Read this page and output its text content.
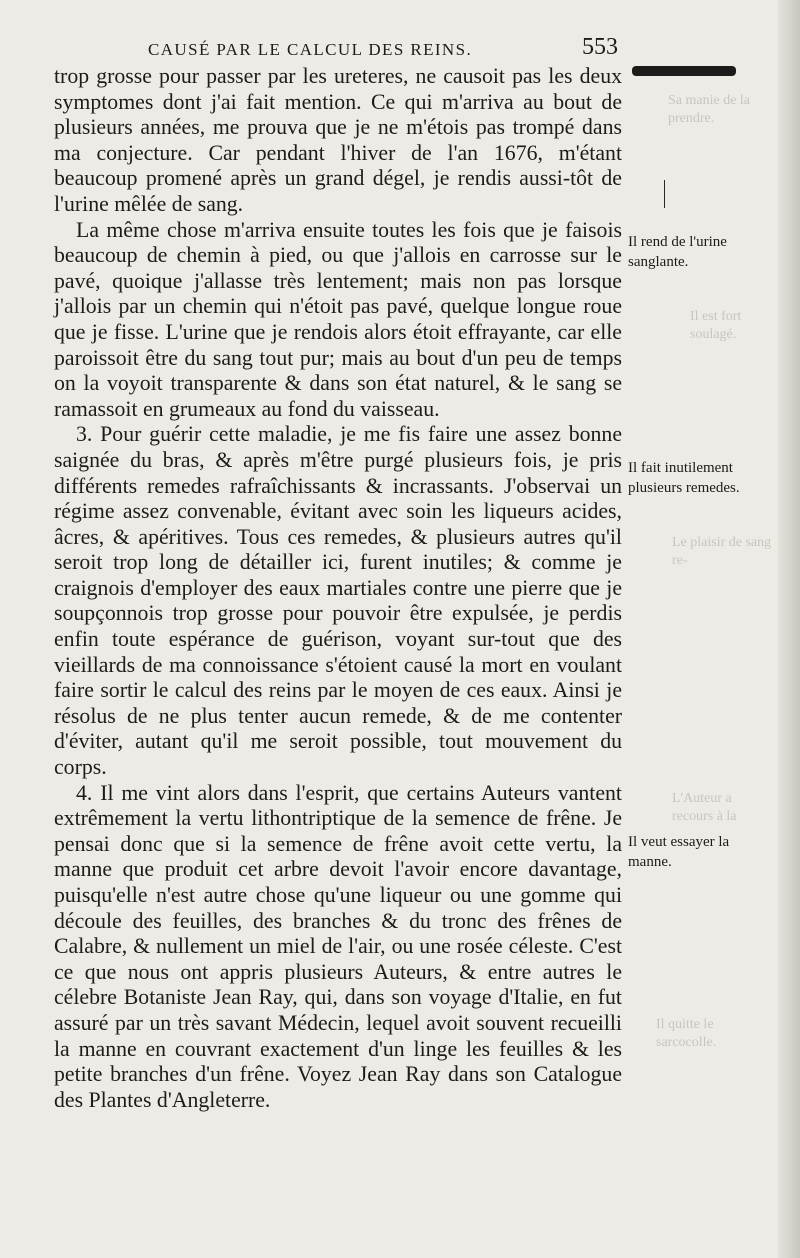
Sa manie de la prendre.
Il est fort soulagé.
Le plaisir de sang re-
L'Auteur a recours à la
Il quitte le sarcocolle.
CAUSÉ PAR LE CALCUL DES REINS.	553

trop grosse pour passer par les ureteres, ne causoit pas les deux symptomes dont j'ai fait mention. Ce qui m'arriva au bout de plusieurs années, me prouva que je ne m'étois pas trompé dans ma conjecture. Car pendant l'hiver de l'an 1676, m'étant beaucoup promené après un grand dégel, je rendis aussi-tôt de l'urine mêlée de sang.

La même chose m'arriva ensuite toutes les fois que je faisois beaucoup de chemin à pied, ou que j'allois en carrosse sur le pavé, quoique j'allasse très lentement; mais non pas lorsque j'allois par un chemin qui n'étoit pas pavé, quelque longue roue que je fisse. L'urine que je rendois alors étoit effrayante, car elle paroissoit être du sang tout pur; mais au bout d'un peu de temps on la voyoit transparente & dans son état naturel, & le sang se ramassoit en grumeaux au fond du vaisseau.

3. Pour guérir cette maladie, je me fis faire une assez bonne saignée du bras, & après m'être purgé plusieurs fois, je pris différents remedes rafraîchissants & incrassants. J'observai un régime assez convenable, évitant avec soin les liqueurs acides, âcres, & apéritives. Tous ces remedes, & plusieurs autres qu'il seroit trop long de détailler ici, furent inutiles; & comme je craignois d'employer des eaux martiales contre une pierre que je soupçonnois trop grosse pour pouvoir être expulsée, je perdis enfin toute espérance de guérison, voyant sur-tout que des vieillards de ma connoissance s'étoient causé la mort en voulant faire sortir le calcul des reins par le moyen de ces eaux. Ainsi je résolus de ne plus tenter aucun remede, & de me contenter d'éviter, autant qu'il me seroit possible, tout mouvement du corps.

4. Il me vint alors dans l'esprit, que certains Auteurs vantent extrêmement la vertu lithontriptique de la semence de frêne. Je pensai donc que si la semence de frêne avoit cette vertu, la manne que produit cet arbre devoit l'avoir encore davantage, puisqu'elle n'est autre chose qu'une liqueur ou une gomme qui découle des feuilles, des branches & du tronc des frênes de Calabre, & nullement un miel de l'air, ou une rosée céleste. C'est ce que nous ont appris plusieurs Auteurs, & entre autres le célebre Botaniste Jean Ray, qui, dans son voyage d'Italie, en fut assuré par un très savant Médecin, lequel avoit souvent recueilli la manne en couvrant exactement d'un linge les feuilles & les petite branches d'un frêne. Voyez Jean Ray dans son Catalogue des Plantes d'Angleterre.

Il rend de l'urine sanglante.
Il fait inutilement plusieurs remedes.
Il veut essayer la manne.
